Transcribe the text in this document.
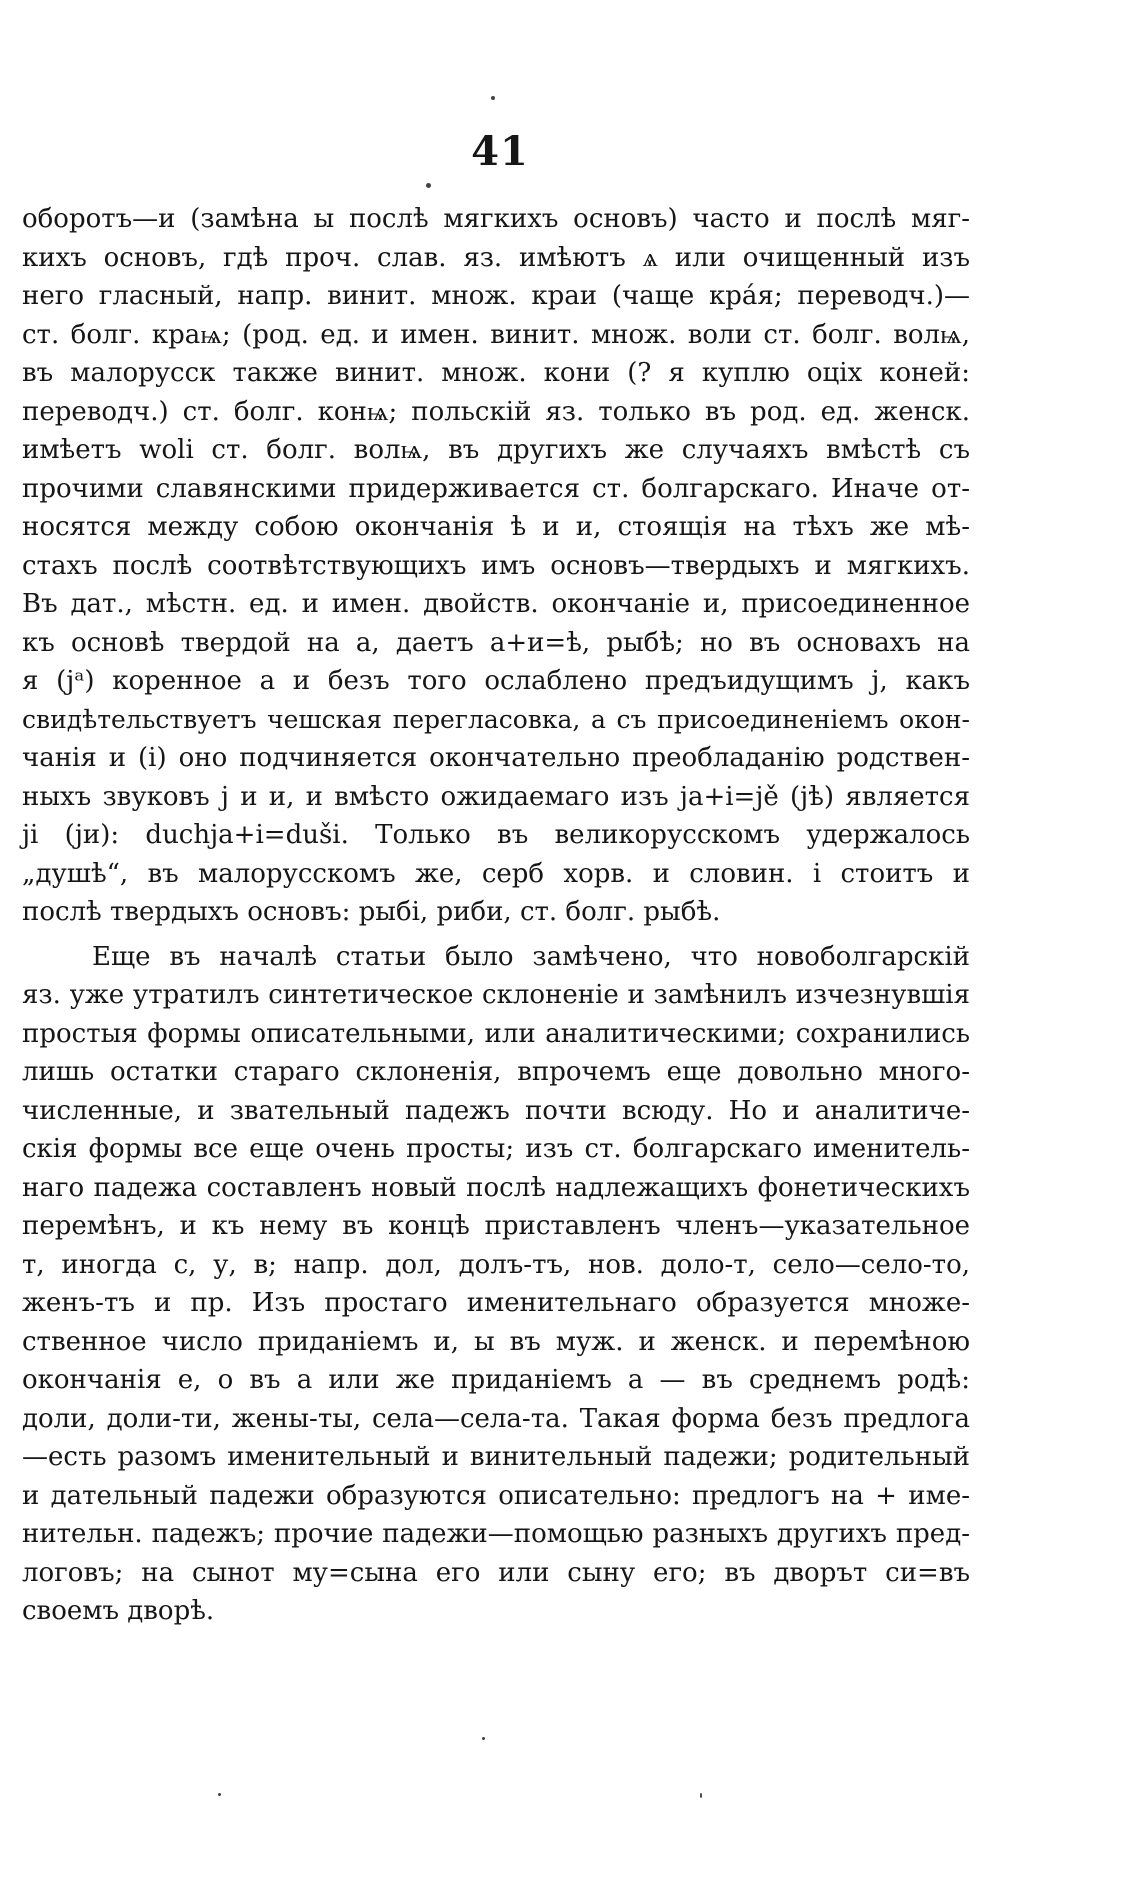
41
оборотъ—и (замѣна ы послѣ мягкихъ основъ) часто и послѣ мяг-
кихъ основъ, гдѣ проч. слав. яз. имѣютъ ѧ или очищенный изъ
него гласный, напр. винит. множ. краи (чаще кра́я; переводч.)—
ст. болг. краѩ; (род. ед. и имен. винит. множ. воли ст. болг. волѩ,
въ малорусск также винит. множ. кони (? я куплю оціх коней:
переводч.) ст. болг. конѩ; польскій яз. только въ род. ед. женск.
имѣетъ woli ст. болг. волѩ, въ другихъ же случаяхъ вмѣстѣ съ
прочими славянскими придерживается ст. болгарскаго. Иначе от-
носятся между собою окончанія ѣ и и, стоящія на тѣхъ же мѣ-
стахъ послѣ соотвѣтствующихъ имъ основъ—твердыхъ и мягкихъ.
Въ дат., мѣстн. ед. и имен. двойств. окончаніе и, присоединенное
къ основѣ твердой на а, даетъ а+и=ѣ, рыбѣ; но въ основахъ на
я (jᵃ) коренное а и безъ того ослаблено предъидущимъ j, какъ
свидѣтельствуетъ чешская перегласовка, а съ присоединеніемъ окон-
чанія и (і) оно подчиняется окончательно преобладанію родствен-
ныхъ звуковъ j и и, и вмѣсто ожидаемаго изъ ja+i=jě (jѣ) является
ji (jи): duchja+i=duši. Только въ великорусскомъ удержалось
„душѣ“, въ малорусскомъ же, серб хорв. и словин. і стоитъ и
послѣ твердыхъ основъ: рыбі, риби, ст. болг. рыбѣ.
Еще въ началѣ статьи было замѣчено, что новоболгарскій
яз. уже утратилъ синтетическое склоненіе и замѣнилъ изчезнувшія
простыя формы описательными, или аналитическими; сохранились
лишь остатки стараго склоненія, впрочемъ еще довольно много-
численные, и звательный падежъ почти всюду. Но и аналитиче-
скія формы все еще очень просты; изъ ст. болгарскаго именитель-
наго падежа составленъ новый послѣ надлежащихъ фонетическихъ
перемѣнъ, и къ нему въ концѣ приставленъ членъ—указательное
т, иногда с, у, в; напр. дол, долъ-тъ, нов. доло-т, село—село-то,
женъ-тъ и пр. Изъ простаго именительнаго образуется множе-
ственное число приданіемъ и, ы въ муж. и женск. и перемѣною
окончанія е, о въ а или же приданіемъ а — въ среднемъ родѣ:
доли, доли-ти, жены-ты, села—села-та. Такая форма безъ предлога
—есть разомъ именительный и винительный падежи; родительный
и дательный падежи образуются описательно: предлогъ на + име-
нительн. падежъ; прочие падежи—помощью разныхъ другихъ пред-
логовъ; на сынот му=сына его или сыну его; въ дворът си=въ
своемъ дворѣ.
